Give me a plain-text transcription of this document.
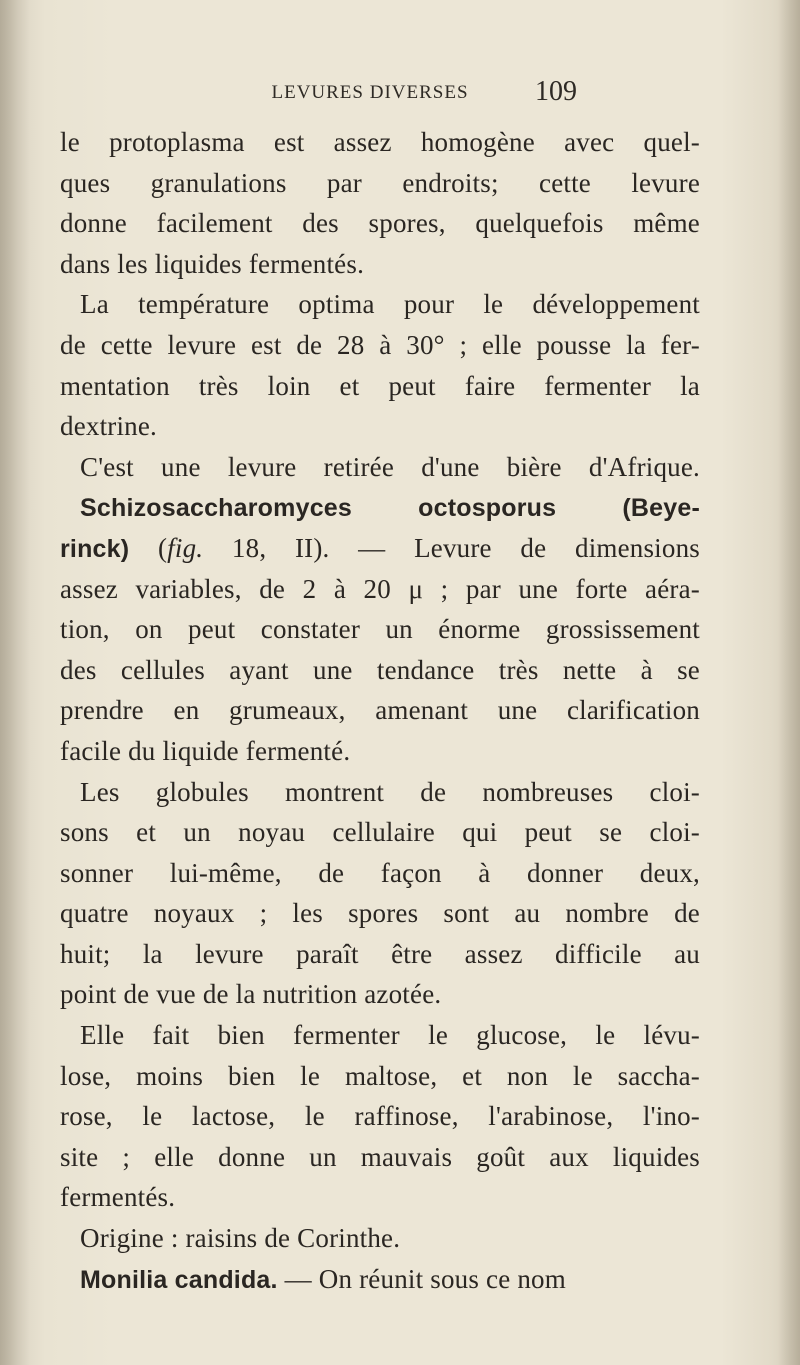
LEVURES DIVERSES 109
le protoplasma est assez homogène avec quel-
ques granulations par endroits; cette levure
donne facilement des spores, quelquefois même
dans les liquides fermentés.
La température optima pour le développement
de cette levure est de 28 à 30° ; elle pousse la fer-
mentation très loin et peut faire fermenter la
dextrine.
C'est une levure retirée d'une bière d'Afrique.
Schizosaccharomyces octosporus (Beye-
rinck) (fig. 18, II). — Levure de dimensions
assez variables, de 2 à 20 μ ; par une forte aéra-
tion, on peut constater un énorme grossissement
des cellules ayant une tendance très nette à se
prendre en grumeaux, amenant une clarification
facile du liquide fermenté.
Les globules montrent de nombreuses cloi-
sons et un noyau cellulaire qui peut se cloi-
sonner lui-même, de façon à donner deux,
quatre noyaux ; les spores sont au nombre de
huit; la levure paraît être assez difficile au
point de vue de la nutrition azotée.
Elle fait bien fermenter le glucose, le lévu-
lose, moins bien le maltose, et non le saccha-
rose, le lactose, le raffinose, l'arabinose, l'ino-
site ; elle donne un mauvais goût aux liquides
fermentés.
Origine : raisins de Corinthe.
Monilia candida. — On réunit sous ce nom
